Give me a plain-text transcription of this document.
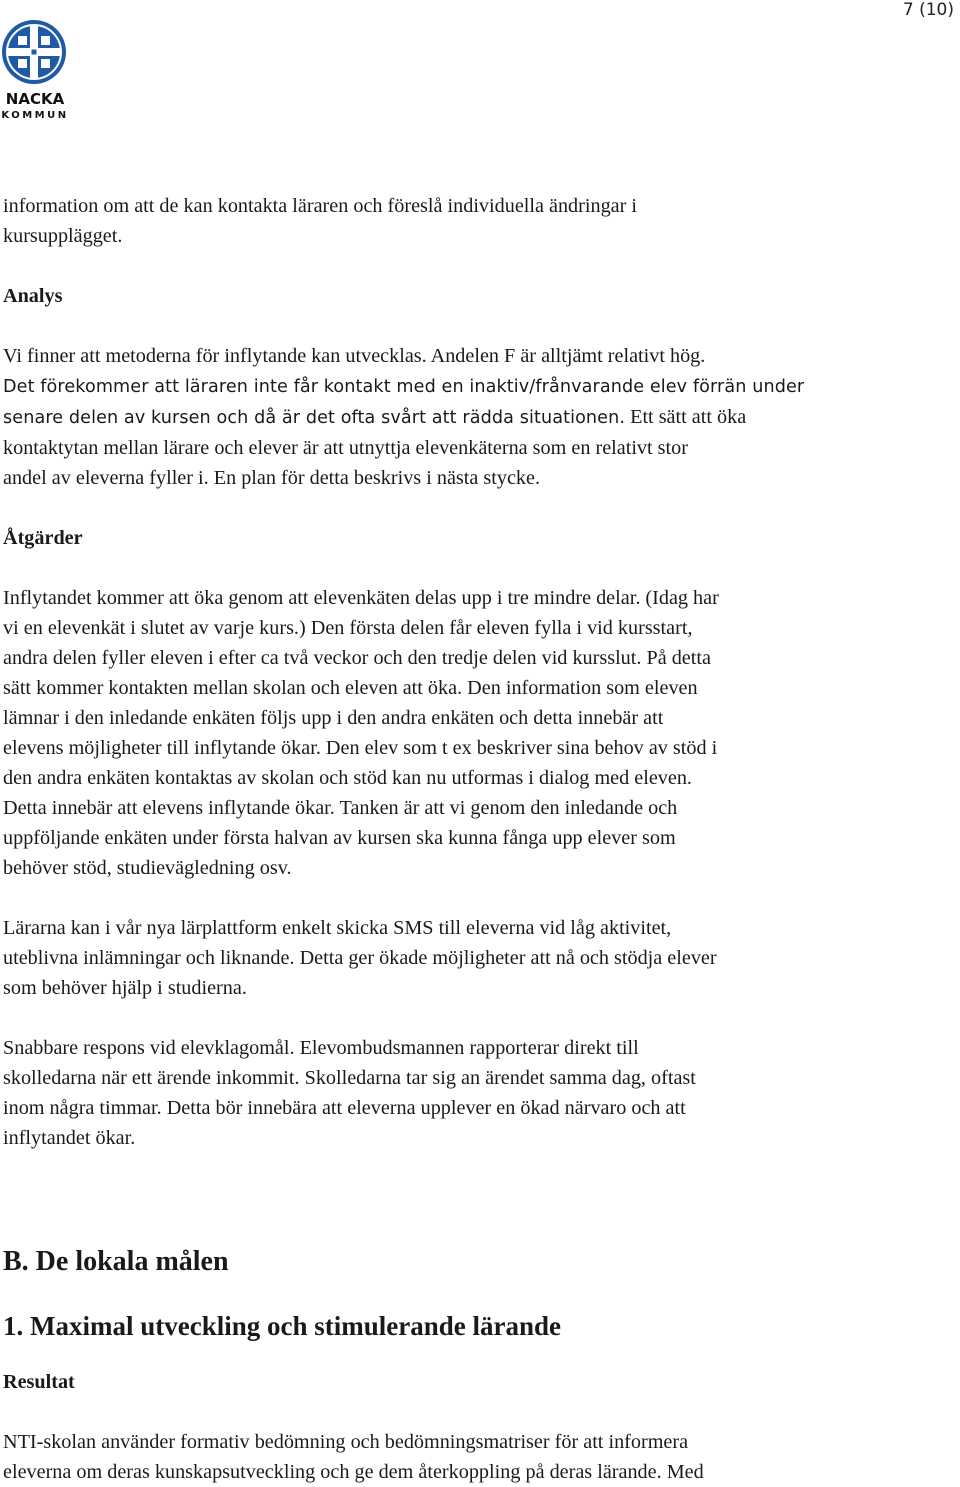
7 (10)
NACKA
KOMMUN

information om att de kan kontakta läraren och föreslå individuella ändringar i
kursupplägget.

Analys

Vi finner att metoderna för inflytande kan utvecklas. Andelen F är alltjämt relativt hög.
Det förekommer att läraren inte får kontakt med en inaktiv/frånvarande elev förrän under
senare delen av kursen och då är det ofta svårt att rädda situationen. Ett sätt att öka
kontaktytan mellan lärare och elever är att utnyttja elevenkäterna som en relativt stor
andel av eleverna fyller i. En plan för detta beskrivs i nästa stycke.

Åtgärder

Inflytandet kommer att öka genom att elevenkäten delas upp i tre mindre delar. (Idag har
vi en elevenkät i slutet av varje kurs.) Den första delen får eleven fylla i vid kursstart,
andra delen fyller eleven i efter ca två veckor och den tredje delen vid kursslut. På detta
sätt kommer kontakten mellan skolan och eleven att öka. Den information som eleven
lämnar i den inledande enkäten följs upp i den andra enkäten och detta innebär att
elevens möjligheter till inflytande ökar. Den elev som t ex beskriver sina behov av stöd i
den andra enkäten kontaktas av skolan och stöd kan nu utformas i dialog med eleven.
Detta innebär att elevens inflytande ökar. Tanken är att vi genom den inledande och
uppföljande enkäten under första halvan av kursen ska kunna fånga upp elever som
behöver stöd, studievägledning osv.

Lärarna kan i vår nya lärplattform enkelt skicka SMS till eleverna vid låg aktivitet,
uteblivna inlämningar och liknande. Detta ger ökade möjligheter att nå och stödja elever
som behöver hjälp i studierna.

Snabbare respons vid elevklagomål. Elevombudsmannen rapporterar direkt till
skolledarna när ett ärende inkommit. Skolledarna tar sig an ärendet samma dag, oftast
inom några timmar. Detta bör innebära att eleverna upplever en ökad närvaro och att
inflytandet ökar.

B. De lokala målen
1. Maximal utveckling och stimulerande lärande
Resultat

NTI-skolan använder formativ bedömning och bedömningsmatriser för att informera
eleverna om deras kunskapsutveckling och ge dem återkoppling på deras lärande. Med
